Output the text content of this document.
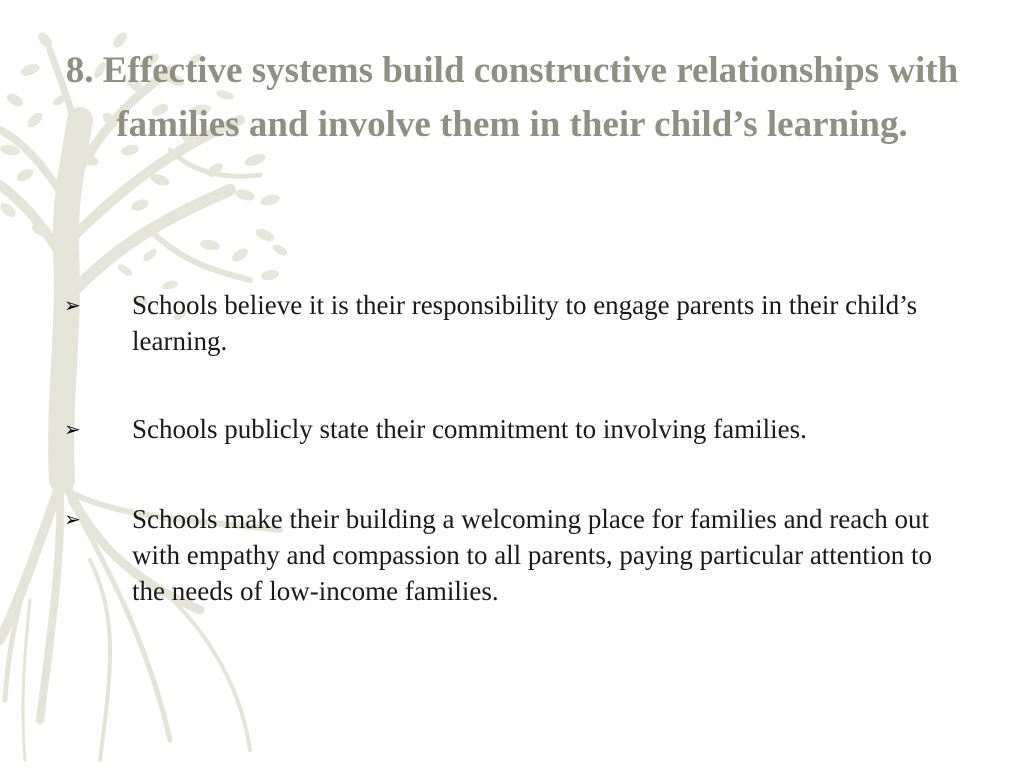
8. Effective systems build constructive relationships with families and involve them in their child’s learning.
➢	Schools believe it is their responsibility to engage parents in their child’s learning.
➢	Schools publicly state their commitment to involving families.
➢	Schools make their building a welcoming place for families and reach out with empathy and compassion to all parents, paying particular attention to the needs of low-income families.
